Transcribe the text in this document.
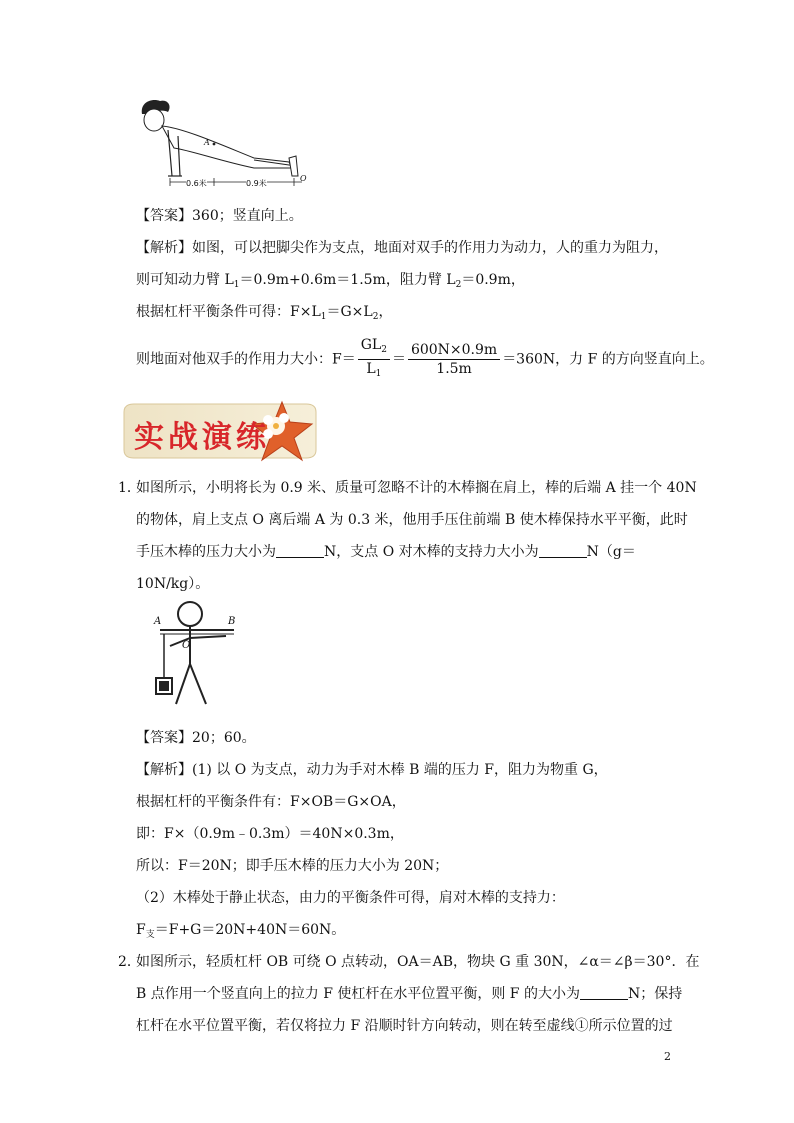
0.6米	0.9米
A
O
【答案】360；竖直向上。
【解析】如图，可以把脚尖作为支点，地面对双手的作用力为动力，人的重力为阻力，
则可知动力臂 $L_1=0.9m+0.6m=1.5m$，阻力臂 $L_2=0.9m$，
根据杠杆平衡条件可得：$F\times L_1=G\times L_2$，
则地面对他双手的作用力大小：$F= \frac{GL_2}{L_1} = \frac{600N\times 0.9m}{1.5m} =360N$，力 F 的方向竖直向上。
实战演练
1．
如图所示，小明将长为 0.9 米、质量可忽略不计的木棒搁在肩上，棒的后端 A 挂一个 40N
的物体，肩上支点 O 离后端 A 为 0.3 米，他用手压住前端 B 使木棒保持水平平衡，此时
手压木棒的压力大小为	N，支点 O 对木棒的支持力大小为	N（g＝
10N/kg）。
A	B
O
【答案】20；60。
【解析】(1) 以 O 为支点，动力为手对木棒 B 端的压力 F，阻力为物重 G，
根据杠杆的平衡条件有：F×OB＝G×OA，
即：F×（0.9m﹣0.3m）＝40N×0.3m，
所以：F＝20N；即手压木棒的压力大小为 20N；
（2）木棒处于静止状态，由力的平衡条件可得，肩对木棒的支持力：
$F_支=F+G=20N+40N=60N$。
2．
如图所示，轻质杠杆 OB 可绕 O 点转动，OA＝AB，物块 G 重 30N，∠α＝∠β＝30°．在
B 点作用一个竖直向上的拉力 F 使杠杆在水平位置平衡，则 F 的大小为	N；保持
杠杆在水平位置平衡，若仅将拉力 F 沿顺时针方向转动，则在转至虚线①所示位置的过
2
